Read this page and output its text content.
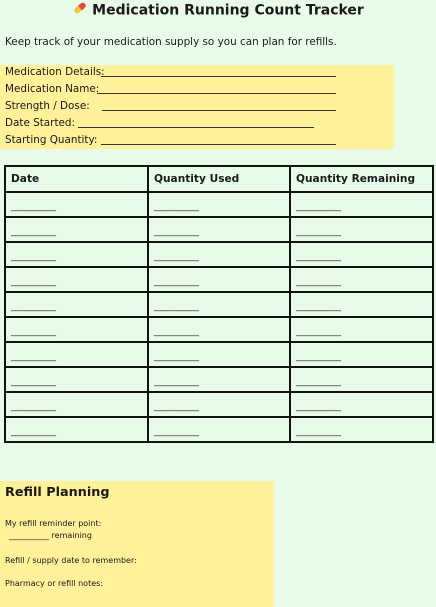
Medication Running Count Tracker
Keep track of your medication supply so you can plan for refills.
Medication Details:
Medication Name:
Strength / Dose:
Date Started:
Starting Quantity:
Date	Quantity Used	Quantity Remaining
__________	__________	__________
__________	__________	__________
__________	__________	__________
__________	__________	__________
__________	__________	__________
__________	__________	__________
__________	__________	__________
__________	__________	__________
__________	__________	__________
__________	__________	__________
Refill Planning
My refill reminder point:
__________ remaining
Refill / supply date to remember:
Pharmacy or refill notes:
